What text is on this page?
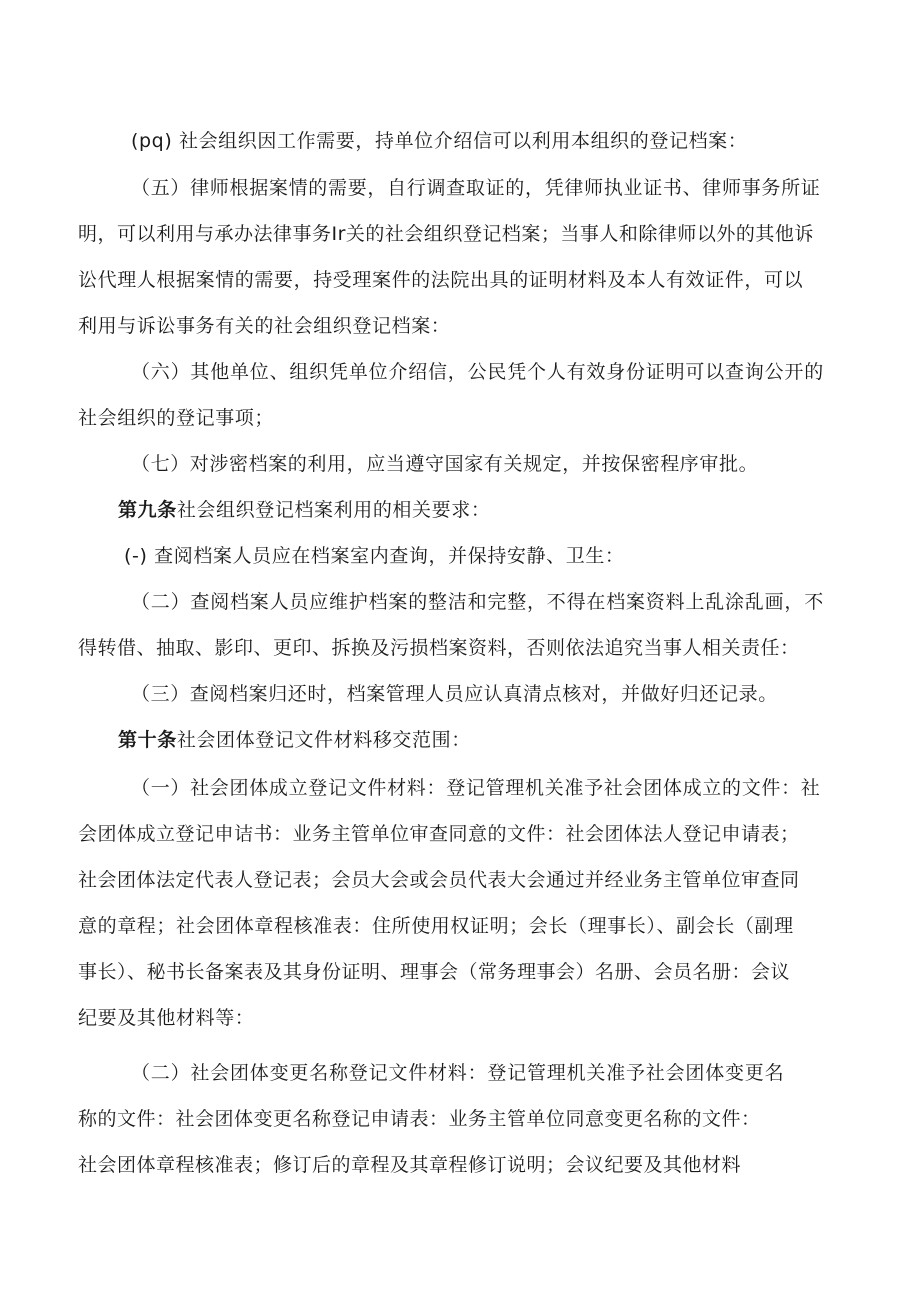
(pq) 社会组织因工作需要，持单位介绍信可以利用本组织的登记档案：
（五）律师根据案情的需要，自行调查取证的，凭律师执业证书、律师事务所证
明，可以利用与承办法律事务Ir关的社会组织登记档案；当事人和除律师以外的其他诉
讼代理人根据案情的需要，持受理案件的法院出具的证明材料及本人有效证件，可以
利用与诉讼事务有关的社会组织登记档案：
（六）其他单位、组织凭单位介绍信，公民凭个人有效身份证明可以查询公开的
社会组织的登记事项；
（七）对涉密档案的利用，应当遵守国家有关规定，并按保密程序审批。
第九条社会组织登记档案利用的相关要求：
(-) 查阅档案人员应在档案室内查询，并保持安静、卫生：
（二）查阅档案人员应维护档案的整洁和完整，不得在档案资料上乱涂乱画，不
得转借、抽取、影印、更印、拆换及污损档案资料，否则依法追究当事人相关责任：
（三）查阅档案归还时，档案管理人员应认真清点核对，并做好归还记录。
第十条社会团体登记文件材料移交范围：
（一）社会团体成立登记文件材料：登记管理机关准予社会团体成立的文件：社
会团体成立登记申诘书：业务主管单位审查同意的文件：社会团体法人登记申请表；
社会团体法定代表人登记表；会员大会或会员代表大会通过并经业务主管单位审查同
意的章程；社会团体章程核准表：住所使用权证明；会长（理事长）、副会长（副理
事长）、秘书长备案表及其身份证明、理事会（常务理事会）名册、会员名册：会议
纪要及其他材料等：
（二）社会团体变更名称登记文件材料：登记管理机关准予社会团体变更名
称的文件：社会团体变更名称登记申请表：业务主管单位同意变更名称的文件：
社会团体章程核准表；修订后的章程及其章程修订说明；会议纪要及其他材料
